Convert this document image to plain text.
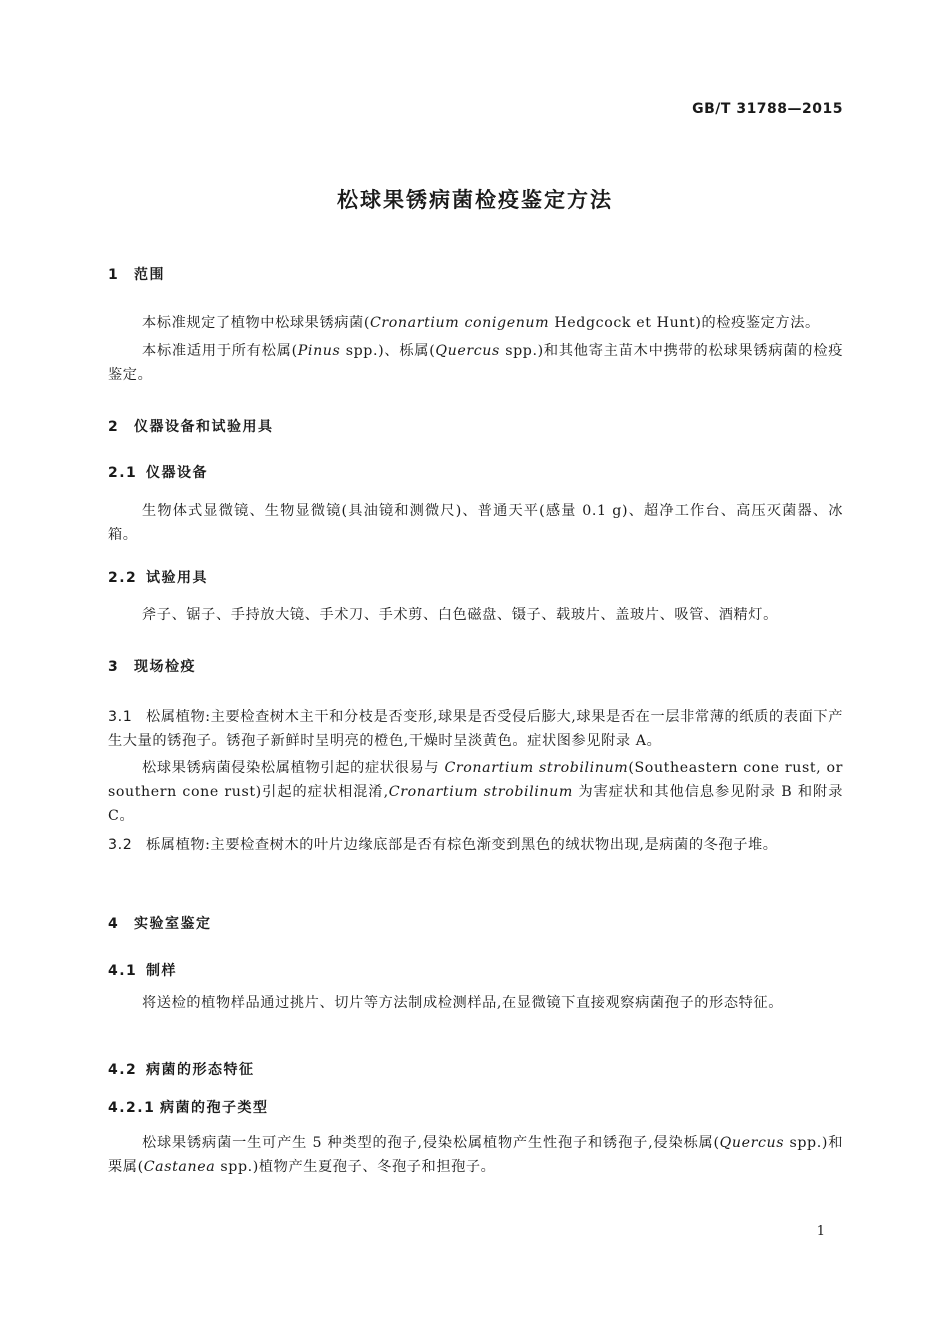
GB/T 31788—2015
松球果锈病菌检疫鉴定方法
1 范围
本标准规定了植物中松球果锈病菌(Cronartium conigenum Hedgcock et Hunt)的检疫鉴定方法。
本标准适用于所有松属(Pinus spp.)、栎属(Quercus spp.)和其他寄主苗木中携带的松球果锈病菌的检疫鉴定。
2 仪器设备和试验用具
2.1 仪器设备
生物体式显微镜、生物显微镜(具油镜和测微尺)、普通天平(感量 0.1 g)、超净工作台、高压灭菌器、冰箱。
2.2 试验用具
斧子、锯子、手持放大镜、手术刀、手术剪、白色磁盘、镊子、载玻片、盖玻片、吸管、酒精灯。
3 现场检疫
3.1 松属植物:主要检查树木主干和分枝是否变形,球果是否受侵后膨大,球果是否在一层非常薄的纸质的表面下产生大量的锈孢子。锈孢子新鲜时呈明亮的橙色,干燥时呈淡黄色。症状图参见附录 A。
松球果锈病菌侵染松属植物引起的症状很易与 Cronartium strobilinum(Southeastern cone rust, or southern cone rust)引起的症状相混淆,Cronartium strobilinum 为害症状和其他信息参见附录 B 和附录 C。
3.2 栎属植物:主要检查树木的叶片边缘底部是否有棕色渐变到黑色的绒状物出现,是病菌的冬孢子堆。
4 实验室鉴定
4.1 制样
将送检的植物样品通过挑片、切片等方法制成检测样品,在显微镜下直接观察病菌孢子的形态特征。
4.2 病菌的形态特征
4.2.1 病菌的孢子类型
松球果锈病菌一生可产生 5 种类型的孢子,侵染松属植物产生性孢子和锈孢子,侵染栎属(Quercus spp.)和栗属(Castanea spp.)植物产生夏孢子、冬孢子和担孢子。
1
